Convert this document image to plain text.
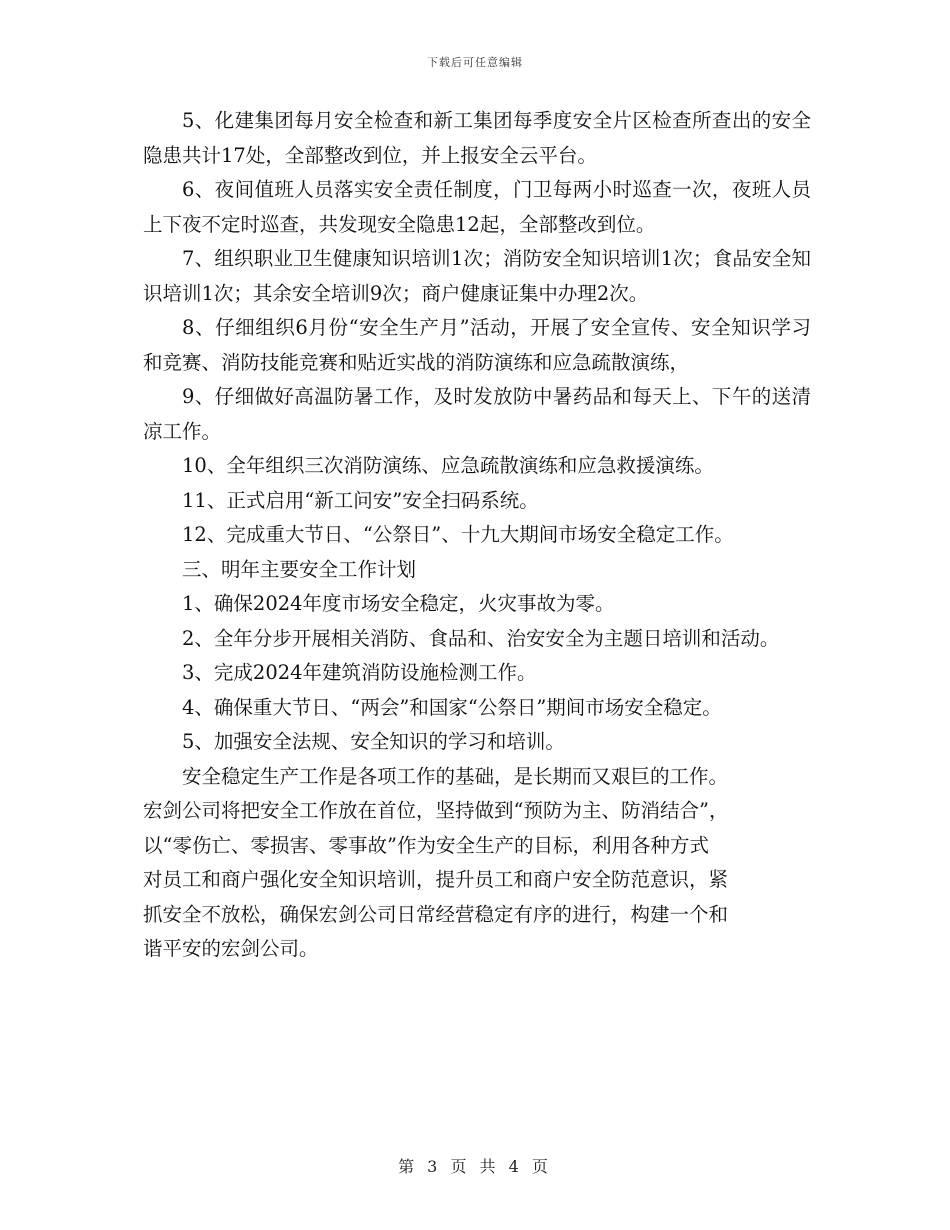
下载后可任意编辑

5、化建集团每月安全检查和新工集团每季度安全片区检查所查出的安全隐患共计17处，全部整改到位，并上报安全云平台。

6、夜间值班人员落实安全责任制度，门卫每两小时巡查一次，夜班人员上下夜不定时巡查，共发现安全隐患12起，全部整改到位。

7、组织职业卫生健康知识培训1次；消防安全知识培训1次；食品安全知识培训1次；其余安全培训9次；商户健康证集中办理2次。

8、仔细组织6月份“安全生产月”活动，开展了安全宣传、安全知识学习和竞赛、消防技能竞赛和贴近实战的消防演练和应急疏散演练，

9、仔细做好高温防暑工作，及时发放防中暑药品和每天上、下午的送清凉工作。

10、全年组织三次消防演练、应急疏散演练和应急救援演练。

11、正式启用“新工问安”安全扫码系统。

12、完成重大节日、“公祭日”、十九大期间市场安全稳定工作。

三、明年主要安全工作计划

1、确保2024年度市场安全稳定，火灾事故为零。

2、全年分步开展相关消防、食品和、治安安全为主题日培训和活动。

3、完成2024年建筑消防设施检测工作。

4、确保重大节日、“两会”和国家“公祭日”期间市场安全稳定。

5、加强安全法规、安全知识的学习和培训。

安全稳定生产工作是各项工作的基础，是长期而又艰巨的工作。
宏剑公司将把安全工作放在首位，坚持做到“预防为主、防消结合”，
以“零伤亡、零损害、零事故”作为安全生产的目标，利用各种方式
对员工和商户强化安全知识培训，提升员工和商户安全防范意识，紧
抓安全不放松，确保宏剑公司日常经营稳定有序的进行，构建一个和
谐平安的宏剑公司。
第 3 页 共 4 页
